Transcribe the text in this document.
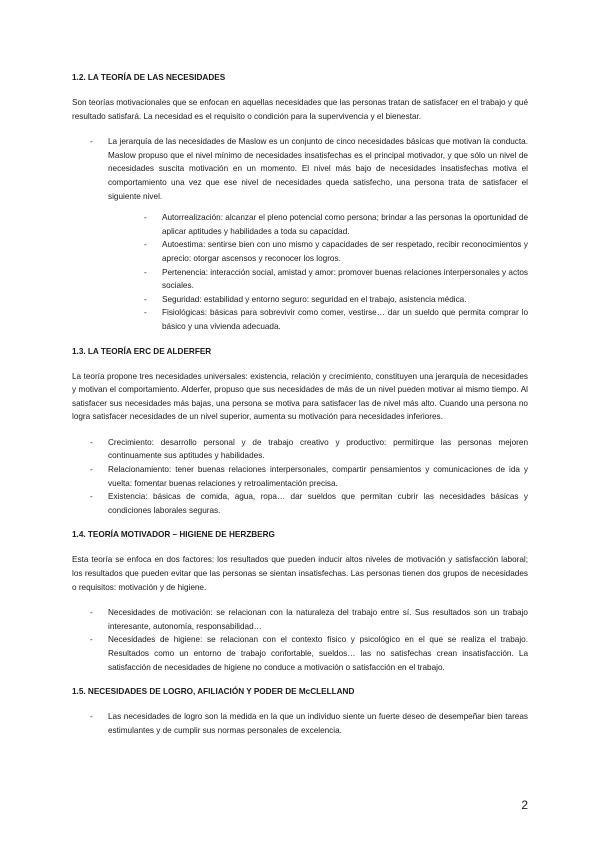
1.2. LA TEORÍA DE LAS NECESIDADES

Son teorías motivacionales que se enfocan en aquellas necesidades que las personas tratan de satisfacer en el trabajo y qué resultado satisfará. La necesidad es el requisito o condición para la supervivencia y el bienestar.

- La jerarquía de las necesidades de Maslow es un conjunto de cinco necesidades básicas que motivan la conducta. Maslow propuso que el nivel mínimo de necesidades insatisfechas es el principal motivador, y que sólo un nivel de necesidades suscita motivación en un momento. El nivel más bajo de necesidades insatisfechas motiva el comportamiento una vez que ese nivel de necesidades queda satisfecho, una persona trata de satisfacer el siguiente nivel.
- Autorrealización: alcanzar el pleno potencial como persona; brindar a las personas la oportunidad de aplicar aptitudes y habilidades a toda su capacidad.
- Autoestima: sentirse bien con uno mismo y capacidades de ser respetado, recibir reconocimientos y aprecio: otorgar ascensos y reconocer los logros.
- Pertenencia: interacción social, amistad y amor: promover buenas relaciones interpersonales y actos sociales.
- Seguridad: estabilidad y entorno seguro: seguridad en el trabajo, asistencia médica.
- Fisiológicas: básicas para sobrevivir como comer, vestirse… dar un sueldo que permita comprar lo básico y una vivienda adecuada.
1.3. LA TEORÍA ERC DE ALDERFER

La teoría propone tres necesidades universales: existencia, relación y crecimiento, constituyen una jerarquía de necesidades y motivan el comportamiento. Alderfer, propuso que sus necesidades de más de un nivel pueden motivar al mismo tiempo. Al satisfacer sus necesidades más bajas, una persona se motiva para satisfacer las de nivel más alto. Cuando una persona no logra satisfacer necesidades de un nivel superior, aumenta su motivación para necesidades inferiores.

- Crecimiento: desarrollo personal y de trabajo creativo y productivo: permitirque las personas mejoren continuamente sus aptitudes y habilidades.
- Relacionamiento: tener buenas relaciones interpersonales, compartir pensamientos y comunicaciones de ida y vuelta: fomentar buenas relaciones y retroalimentación precisa.
- Existencia: básicas de comida, agua, ropa… dar sueldos que permitan cubrir las necesidades básicas y condiciones laborales seguras.
1.4. TEORÍA MOTIVADOR – HIGIENE DE HERZBERG

Esta teoría se enfoca en dos factores: los resultados que pueden inducir altos niveles de motivación y satisfacción laboral; los resultados que pueden evitar que las personas se sientan insatisfechas. Las personas tienen dos grupos de necesidades o requisitos: motivación y de higiene.

- Necesidades de motivación: se relacionan con la naturaleza del trabajo entre sí. Sus resultados son un trabajo interesante, autonomía, responsabilidad…
- Necesidades de higiene: se relacionan con el contexto físico y psicológico en el que se realiza el trabajo. Resultados como un entorno de trabajo confortable, sueldos… las no satisfechas crean insatisfacción. La satisfacción de necesidades de higiene no conduce a motivación o satisfacción en el trabajo.
1.5. NECESIDADES DE LOGRO, AFILIACIÓN Y PODER DE McCLELLAND
- Las necesidades de logro son la medida en la que un individuo siente un fuerte deseo de desempeñar bien tareas estimulantes y de cumplir sus normas personales de excelencia.
2
